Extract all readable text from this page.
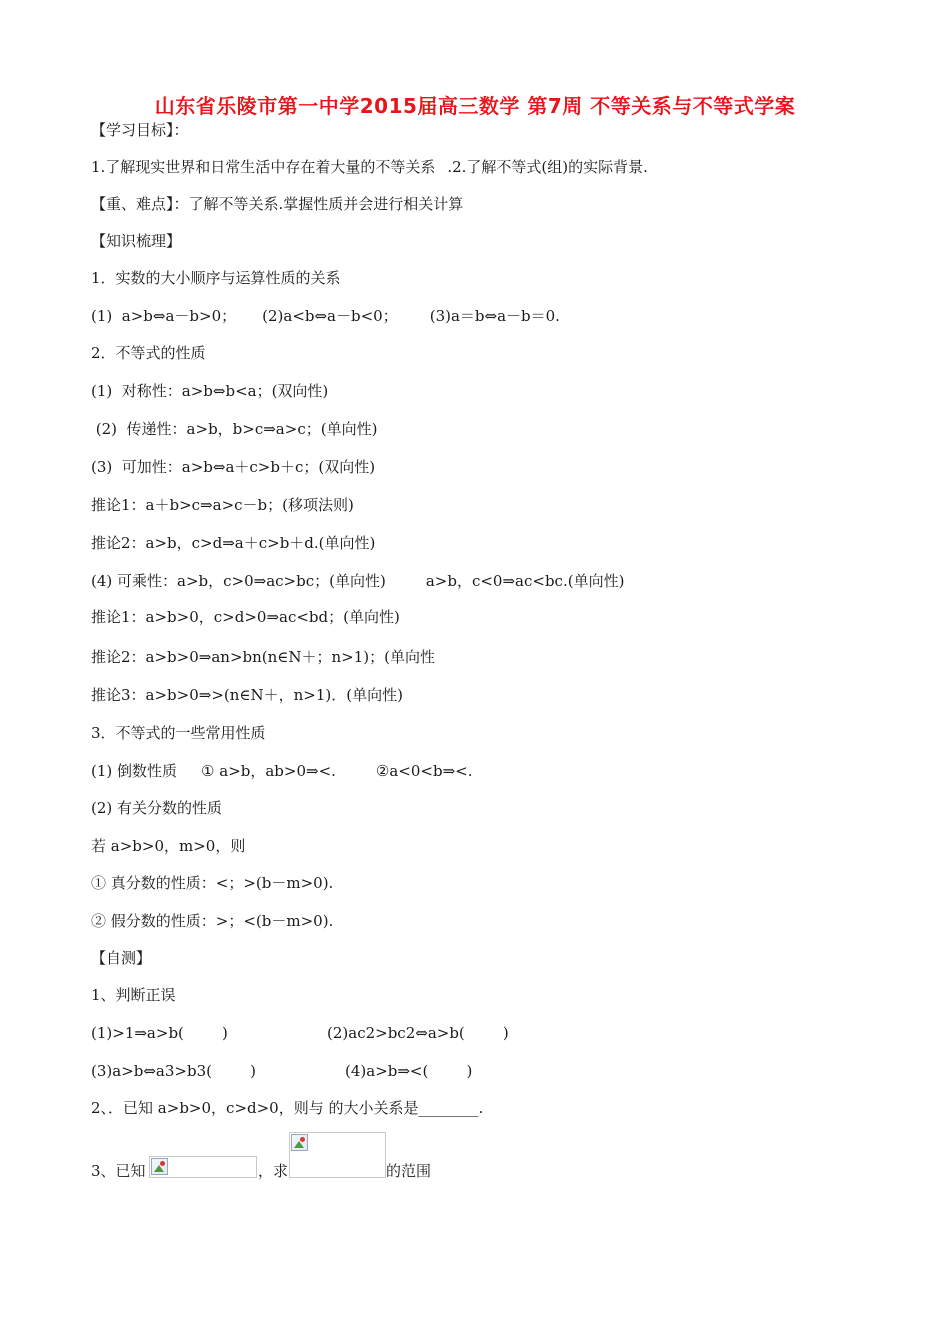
山东省乐陵市第一中学2015届高三数学 第7周 不等关系与不等式学案
【学习目标】：
1.了解现实世界和日常生活中存在着大量的不等关系 .2.了解不等式(组)的实际背景.
【重、难点】：了解不等关系.掌握性质并会进行相关计算
【知识梳理】
1．实数的大小顺序与运算性质的关系
(1)  a>b⇔a－b>0； (2)a<b⇔a－b<0； (3)a＝b⇔a－b＝0.
2．不等式的性质
(1)  对称性：a>b⇔b<a；(双向性)
(2)  传递性：a>b，b>c⇒a>c；(单向性)
(3)  可加性：a>b⇔a＋c>b＋c；(双向性)
推论1：a＋b>c⇒a>c－b；(移项法则)
推论2：a>b，c>d⇒a＋c>b＋d.(单向性)
(4) 可乘性：a>b，c>0⇒ac>bc；(单向性)	a>b，c<0⇒ac<bc.(单向性)
推论1：a>b>0，c>d>0⇒ac<bd；(单向性)
推论2：a>b>0⇒an>bn(n∈N＋；n>1)；(单向性
推论3：a>b>0⇒>(n∈N＋，n>1)．(单向性)
3．不等式的一些常用性质
(1) 倒数性质 ① a>b，ab>0⇒<.	②a<0<b⇒<.
(2) 有关分数的性质
若 a>b>0，m>0，则
① 真分数的性质：<；>(b－m>0).
② 假分数的性质：>；<(b－m>0).
【自测】
1、判断正误
(1)>1⇒a>b(        )	(2)ac2>bc2⇔a>b(        )
(3)a>b⇔a3>b3(        )	(4)a>b⇒<(        )
2、．已知 a>b>0，c>d>0，则与 的大小关系是________.
3、已知	，求	的范围
